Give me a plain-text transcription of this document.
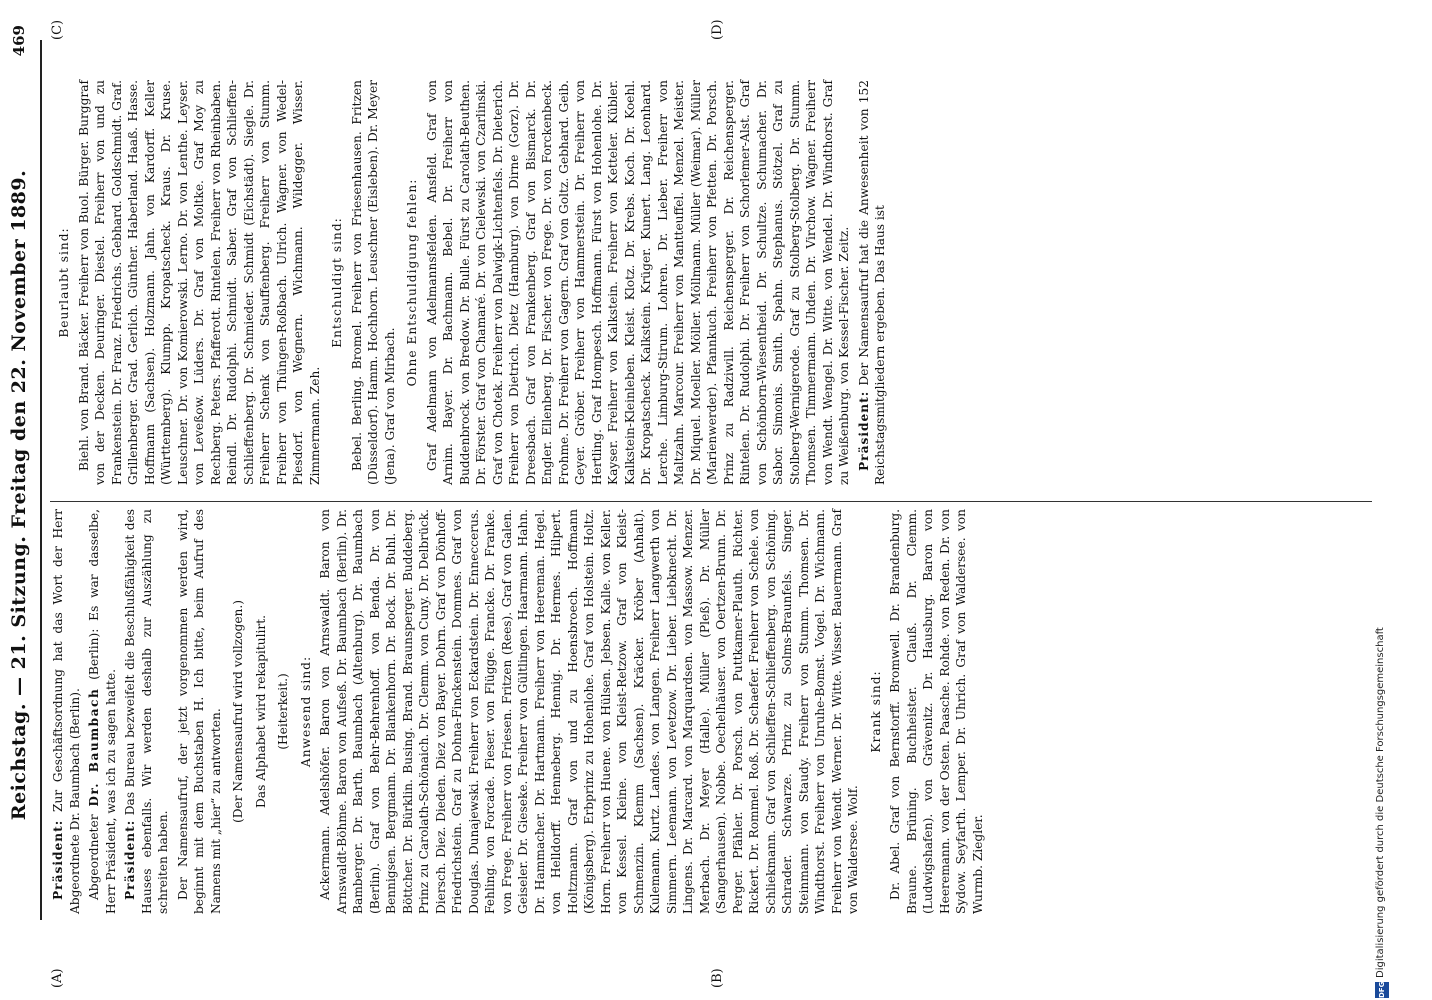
Reichstag. — 21. Sitzung. Freitag den 22. November 1889.
469
(A)	(B)
(C)	(D)

Präsident: Zur Geschäftsordnung hat das Wort der Herr Abgeordnete Dr. Baumbach (Berlin). Abgeordneter Dr. Baumbach (Berlin): Es war dasselbe, Herr Präsident, was ich zu sagen hatte. Präsident: Das Bureau bezweifelt die Beschlußfähigkeit des Hauses ebenfalls. Wir werden deshalb zur Auszählung zu schreiten haben. Der Namensaufruf, der jetzt vorgenommen werden wird, beginnt mit dem Buchstaben H. Ich bitte, beim Aufruf des Namens mit „hier“ zu antworten. (Der Namensaufruf wird vollzogen.) Das Alphabet wird rekapitulirt. (Heiterkeit.) Anwesend sind: Ackermann. Adelshöfer. Baron von Arnswaldt. Baron von Arnswaldt-Böhme. Baron von Aufseß. Dr. Baumbach (Berlin). Dr. Bamberger. Dr. Barth. Baumbach (Altenburg). Dr. Baumbach (Berlin). Graf von Behr-Behrenhoff. von Benda. Dr. von Bennigsen. Bergmann. Dr. Blankenhorn. Dr. Bock. Dr. Buhl. Dr. Böttcher. Dr. Bürklin. Busing. Brand. Braunsperger. Buddeberg. Prinz zu Carolath-Schönaich. Dr. Clemm. von Cuny. Dr. Delbrück. Diersch. Diez. Dieden. Diez von Bayer. Dohrn. Graf von Dönhoff-Friedrichstein. Graf zu Dohna-Finckenstein. Dommes. Graf von Douglas. Dunajewski. Freiherr von Eckardstein. Dr. Enneccerus. Fehling. von Forcade. Fieser. von Flügge. Francke. Dr. Franke. von Frege. Freiherr von Friesen. Fritzen (Rees). Graf von Galen. Geiseler. Dr. Gieseke. Freiherr von Gültlingen. Haarmann. Hahn. Dr. Hammacher. Dr. Hartmann. Freiherr von Heereman. Hegel. von Helldorff. Henneberg. Hennig. Dr. Hermes. Hilpert. Holtzmann. Graf von und zu Hoensbroech. Hoffmann (Königsberg). Erbprinz zu Hohenlohe. Graf von Holstein. Holtz. Horn. Freiherr von Huene. von Hülsen. Jebsen. Kalle. von Keller. von Kessel. Kleine. von Kleist-Retzow. Graf von Kleist-Schmenzin. Klemm (Sachsen). Kräcker. Kröber (Anhalt). Kulemann. Kurtz. Landes. von Langen. Freiherr Langwerth von Simmern. Leemann. von Levetzow. Dr. Lieber. Liebknecht. Dr. Lingens. Dr. Marcard. von Marquardsen. von Massow. Menzer. Merbach. Dr. Meyer (Halle). Müller (Pleß). Dr. Müller (Sangerhausen). Nobbe. Oechelhäuser. von Oertzen-Brunn. Dr. Perger. Pfähler. Dr. Porsch. von Puttkamer-Plauth. Richter. Rickert. Dr. Rommel. Roß. Dr. Schaefer. Freiherr von Schele. von Schliekmann. Graf von Schlieffen-Schlieffenberg. von Schöning. Schrader. Schwarze. Prinz zu Solms-Braunfels. Singer. Steinmann. von Staudy. Freiherr von Stumm. Thomsen. Dr. Windthorst. Freiherr von Unruhe-Bomst. Vogel. Dr. Wichmann. Freiherr von Wendt. Werner. Dr. Witte. Wisser. Bauermann. Graf von Waldersee. Wolf.

Krank sind: Dr. Abel. Graf von Bernstorff. Bromwell. Dr. Brandenburg. Braune. Brüning. Buchheister. Clauß. Dr. Clemm. (Ludwigshafen). von Grävenitz. Dr. Hausburg. Baron von Heeremann. von der Osten. Paasche. Rohde. von Reden. Dr. von Sydow. Seyfarth. Lemper. Dr. Uhrich. Graf von Waldersee. von Wurmb. Ziegler.

Beurlaubt sind: Biehl. von Brand. Bäcker. Freiherr von Buol. Bürger. Burggraf von der Decken. Deuringer. Diestel. Freiherr von und zu Frankenstein. Dr. Franz. Friedrichs. Gebhard. Goldschmidt. Graf. Grillenberger. Grad. Gerlich. Günther. Haberland. Haaß. Hasse. Hoffmann (Sachsen). Holzmann. Jahn. von Kardorff. Keller (Württemberg). Klumpp. Kropatscheck. Kraus. Dr. Kruse. Leuschner. Dr. von Komierowski. Lerno. Dr. von Lenthe. Leyser. von Leveßow. Lüders. Dr. Graf von Moltke. Graf Moy zu Rechberg. Peters. Pfafferott. Rintelen. Freiherr von Rheinbaben. Reindl. Dr. Rudolphi. Schmidt. Saber. Graf von Schlieffen-Schlieffenberg. Dr. Schmieder. Schmidt (Eichstädt). Siegle. Dr. Freiherr Schenk von Stauffenberg. Freiherr von Stumm. Freiherr von Thüngen-Roßbach. Ulrich. Wagner. von Wedel-Piesdorf. von Wegnern. Wichmann. Wildegger. Wisser. Zimmermann. Zeh.

Entschuldigt sind: Bebel. Berling. Bromel. Freiherr von Friesenhausen. Fritzen (Düsseldorf). Hamm. Hochhorn. Leuschner (Eisleben). Dr. Meyer (Jena). Graf von Mirbach.

Ohne Entschuldigung fehlen: Graf Adelmann von Adelmannsfelden. Ansfeld. Graf von Arnim. Bayer. Dr. Bachmann. Bebel. Dr. Freiherr von Buddenbrock. von Bredow. Dr. Bulle. Fürst zu Carolath-Beuthen. Dr. Förster. Graf von Chamaré. Dr. von Cielewski. von Czarlinski. Graf von Chotek. Freiherr von Dalwigk-Lichtenfels. Dr. Dieterich. Freiherr von Dietrich. Dietz (Hamburg). von Dirne (Gorz). Dr. Dreesbach. Graf von Frankenberg. Graf von Bismarck. Dr. Engler. Ellenberg. Dr. Fischer. von Frege. Dr. von Forckenbeck. Frohme. Dr. Freiherr von Gagern. Graf von Goltz. Gebhard. Geib. Geyer. Gröber. Freiherr von Hammerstein. Dr. Freiherr von Hertling. Graf Hompesch. Hoffmann. Fürst von Hohenlohe. Dr. Kayser. Freiherr von Kalkstein. Freiherr von Ketteler. Kübler. Kalkstein-Kleinleben. Kleist. Klotz. Dr. Krebs. Koch. Dr. Koehl. Dr. Kropatscheck. Kalkstein. Krüger. Kunert. Lang. Leonhard. Lerche. Limburg-Stirum. Lohren. Dr. Lieber. Freiherr von Maltzahn. Marcour. Freiherr von Mantteuffel. Menzel. Meister. Dr. Miquel. Moeller. Möller. Möllmann. Müller (Weimar). Müller (Marienwerder). Pfannkuch. Freiherr von Pfetten. Dr. Porsch. Prinz zu Radziwill. Reichensperger. Dr. Reichensperger. Rintelen. Dr. Rudolphi. Dr. Freiherr von Schorlemer-Alst. Graf von Schönborn-Wiesentheid. Dr. Schultze. Schumacher. Dr. Sabor. Simonis. Smith. Spahn. Stephanus. Stötzel. Graf zu Stolberg-Wernigerode. Graf zu Stolberg-Stolberg. Dr. Stumm. Thomsen. Timmermann. Uhden. Dr. Virchow. Wagner. Freiherr von Wendt. Wengel. Dr. Witte. von Wendel. Dr. Windthorst. Graf zu Weißenburg. von Kessel-Fischer. Zeitz. Präsident: Der Namensaufruf hat die Anwesenheit von 152 Reichstagsmitgliedern ergeben. Das Haus ist

DFG
Digitalisierung gefördert durch die Deutsche Forschungsgemeinschaft
